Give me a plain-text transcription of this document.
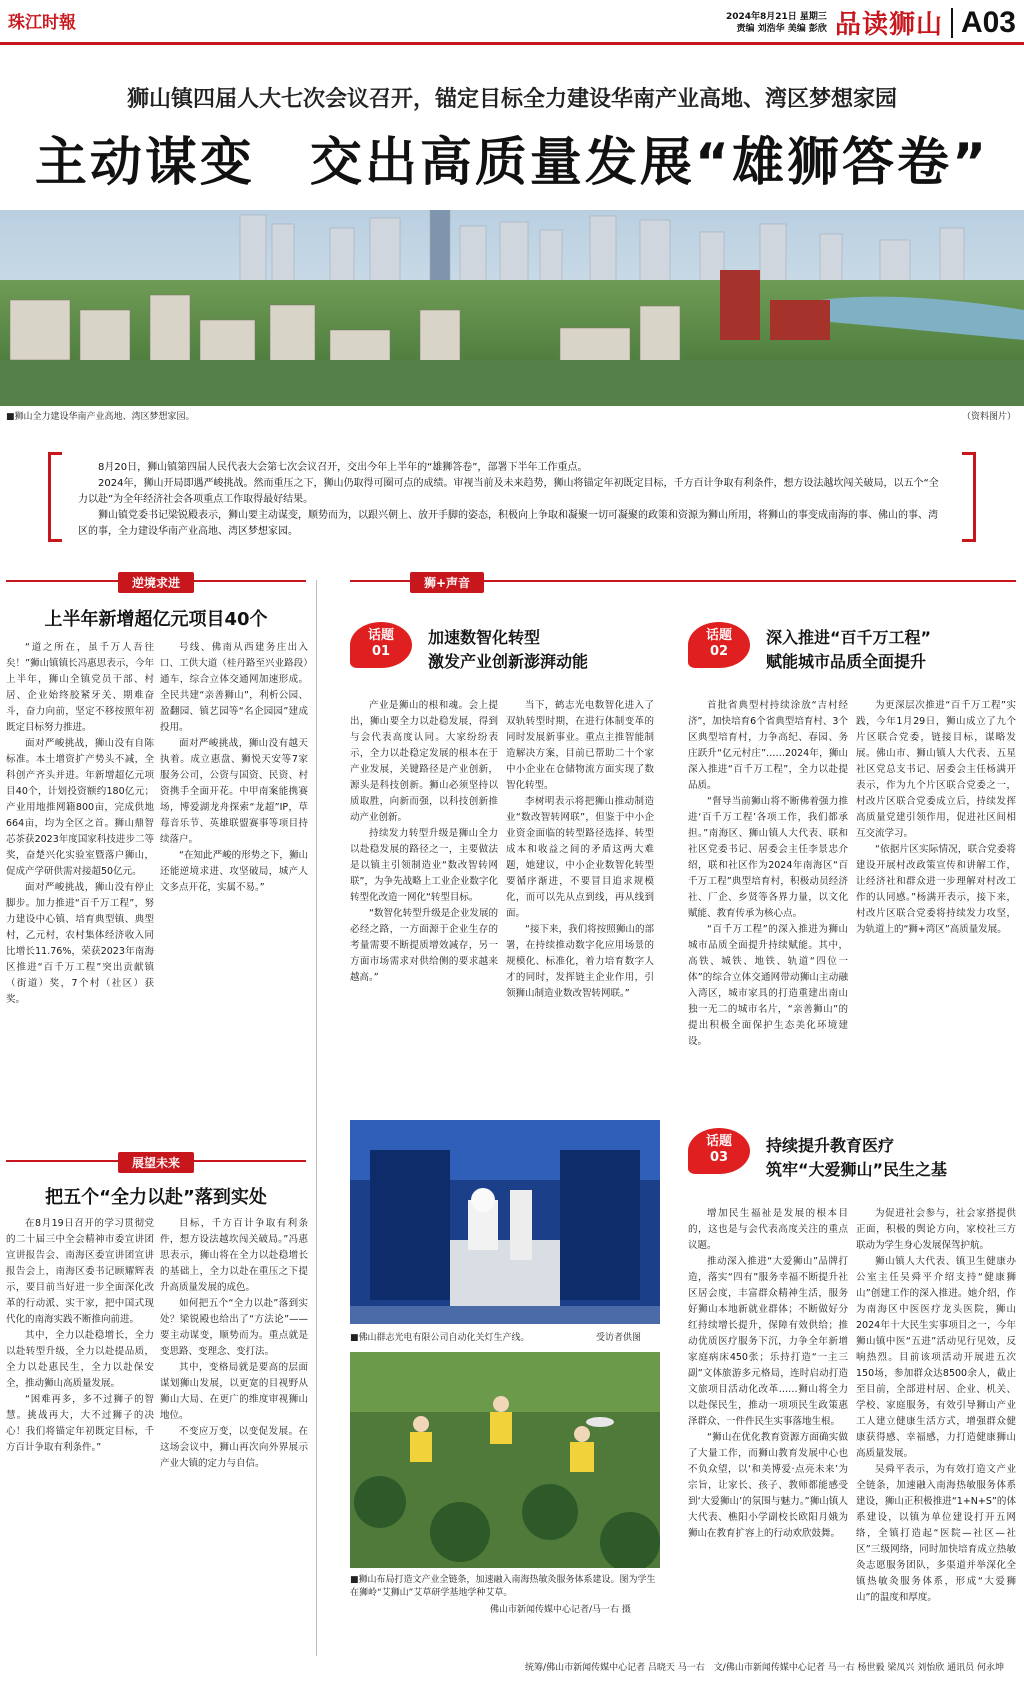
珠江时報	2024年8月21日 星期三
责编 刘浩华 美编 彭欣 品读狮山 A03
狮山镇四届人大七次会议召开，锚定目标全力建设华南产业高地、湾区梦想家园
主动谋变　交出高质量发展“雄狮答卷”
■狮山全力建设华南产业高地、湾区梦想家园。	（资料图片）

8月20日，狮山镇第四届人民代表大会第七次会议召开，交出今年上半年的“雄狮答卷”，部署下半年工作重点。

2024年，狮山开局即遇严峻挑战。然而重压之下，狮山仍取得可圈可点的成绩。审视当前及未来趋势，狮山将锚定年初既定目标，千方百计争取有利条件，想方设法越坎闯关破局，以五个“全力以赴”为全年经济社会各项重点工作取得最好结果。

狮山镇党委书记梁锐殿表示，狮山要主动谋变，顺势而为，以跟兴朝上、放开手脚的姿态，积极向上争取和凝聚一切可凝聚的政策和资源为狮山所用，将狮山的事变成南海的事、佛山的事、湾区的事，全力建设华南产业高地、湾区梦想家园。

逆境求进
上半年新增超亿元项目40个

“道之所在，虽千万人吾往矣！”狮山镇镇长冯惠思表示，今年上半年，狮山全镇党员干部、村居、企业始终胶紧牙关、期难奋斗，奋力向前，坚定不移按照年初既定目标努力推进。

面对严峻挑战，狮山没有自陈标准。本土增资扩产势头不减，全科创产齐头并进。年新增超亿元项目40个，计划投资额约180亿元；产业用地推网籍800亩，完成供地664亩，均为全区之首。狮山鼎智芯茶获2023年度国家科技进步二等奖，奋楚兴化实验室暨落户狮山，促成产学研供需对接超50亿元。

面对严峻挑战，狮山没有停止脚步。加力推进“百千万工程”，努力建设中心镇、培育典型镇、典型村，乙元村，农村集体经济收入同比增长11.76%，荣获2023年南海区推进“百千万工程”突出贡献镇（街道）奖，7个村（社区）获奖。

号线、佛南从西建务庄出入口、工供大道（桂丹路至兴业路段）通车，综合立体交通网加速形成。全民共建“亲善狮山”，利析公园、盈翻园、镇艺园等“名企园园”建成投用。

面对严峻挑战，狮山没有越天执着。成立惠盘、狮悦天安等7家服务公司，公资与国资、民资、村资携手全面开花。中甲南案能携赛场，博爱湖龙舟探索“龙超”IP，草莓音乐节、英雄联盟赛事等项目持续落户。

“在知此严峻的形势之下，狮山还能逆境求进、攻坚破局，城产人文多点开花，实属不易。”

展望未来
把五个“全力以赴”落到实处

在8月19日召开的学习贯彻党的二十届三中全会精神市委宣讲团宣讲报告会、南海区委宣讲团宣讲报告会上，南海区委书记顾耀辉表示，要目前当好进一步全面深化改革的行动派、实干家，把中国式现代化的南海实践不断推向前进。

其中，全力以赴稳增长，全力以赴转型升级，全力以赴提品质，全力以赴惠民生，全力以赴保安全，推动狮山高质量发展。

“困难再多，多不过狮子的智慧。挑战再大，大不过狮子的决心！我们将锚定年初既定目标，千方百计争取有利条件。”

目标，千方百计争取有利条件，想方设法越坎闯关破局。”冯惠思表示，狮山将在全力以赴稳增长的基础上，全力以赴在重压之下提升高质量发展的成色。

如何把五个“全力以赴”落到实处？梁锐殿也给出了“方法论”——要主动谋变，顺势而为。重点就是变思路、变理念、变打法。

其中，变格局就是要高的层面谋划狮山发展，以更宽的目视野从狮山大局、在更广的维度审视狮山地位。

不变应万变，以变促发展。在这场会议中，狮山再次向外界展示产业大镇的定力与自信。

狮+声音
话题
01
加速数智化转型
激发产业创新澎湃动能

产业是狮山的根和魂。会上提出，狮山要全力以赴稳发展，得到与会代表高度认同。大家纷纷表示，全力以赴稳定发展的根本在于产业发展，关键路径是产业创新，源头是科技创新。狮山必须坚持以质取胜，向新而强，以科技创新推动产业创新。

持续发力转型升级是狮山全力以赴稳发展的路径之一，主要做法是以镇主引领制造业“数改智转网联”，为争先战略上工业企业数字化转型化改造一网化“转型目标。

“数智化转型升级是企业发展的必经之路，一方面源于企业生存的考量需要不断提质增效减存，另一方面市场需求对供给侧的要求越来越高。”

当下，鹤志光电数智化进入了双轨转型时期，在进行体制变革的同时发展新事业。重点主推智能制造解决方案，目前已帮助二十个家中小企业在仓储物流方面实现了数智化转型。

李树明表示将把狮山推动制造业“数改智转网联”，但鉴于中小企业资金面临的转型路径选择、转型成本和收益之间的矛盾这两大难题，她建议，中小企业数智化转型要循序渐进，不要冒目追求规模化，而可以先从点到线，再从线到面。

“接下来，我们将按照狮山的部署，在持续推动数字化应用场景的规模化、标准化，着力培育数字人才的同时，发挥链主企业作用，引领狮山制造业数改智转网联。”

话题
02
深入推进“百千万工程”
赋能城市品质全面提升

首批省典型村持续涂放“吉村经济”，加快培育6个省典型培育村、3个区典型培育村，力争高纪、春园、务庄跃升“亿元村庄”……2024年，狮山深入推进“百千万工程”，全力以赴提品质。

“督导当前狮山将不断佛着强力推进‘百千万工程’各项工作，我们都承担。”南海区、狮山镇人大代表、联和社区党委书记、居委会主任李景忠介绍，联和社区作为2024年南海区“百千万工程”典型培育村，积极动员经济社、厂企、乡贤等各界力量，以文化赋能、教育传承为核心点。

“百千万工程”的深入推进为狮山城市品质全面提升持续赋能。其中，高铁、城铁、地铁、轨道“四位一体”的综合立体交通网带动狮山主动融入湾区，城市家具的打造重建出南山独一无二的城市名片，“亲善狮山”的提出积极全面保护生态美化环境建设。

为更深层次推进“百千万工程”实践，今年1月29日，狮山成立了九个片区联合党委，链接目标，谋略发展。佛山市、狮山镇人大代表、五星社区党总支书记、居委会主任杨满开表示，作为九个片区联合党委之一，村改片区联合党委成立后，持续发挥高质量党建引领作用，促进社区间相互交流学习。

“依据片区实际情况，联合党委将建设开展村改政策宣传和讲解工作，让经济社和群众进一步理解对村改工作的认同感。”杨满开表示，接下来，村改片区联合党委将持续发力攻坚，为轨道上的“狮+湾区”高质量发展。

■佛山群志光电有限公司自动化关灯生产线。	受访者供图
■狮山布局打造文产业全链条，加速融入南海热敏灸服务体系建设。图为学生在狮岭“艾狮山”艾草研学基地学种艾草。
佛山市新闻传媒中心记者/马一右 摄
话题
03
持续提升教育医疗
筑牢“大爱狮山”民生之基

增加民生福祉是发展的根本目的，这也是与会代表高度关注的重点议题。

推动深入推进“大爱狮山”品牌打造，落实“四有”服务幸福不断提升社区居会度，丰富群众精神生活，服务好狮山本地新就业群体；不断做好分红持续增长提升，保障有效供给；推动优质医疗服务下沉，力争全年新增家庭病床450张；乐持打造“一主三副”文体旅游多元格局，连时启动打造文旅项目活动化改革……狮山将全力以赴保民生，推动一项项民生政策惠泽群众、一件件民生实事落地生根。

“狮山在优化教育资源方面确实做了大量工作，而狮山教育发展中心也不负众望，以‘和美博爱·点亮未来’为宗旨，让家长、孩子、教师都能感受到‘大爱狮山’的氛围与魅力。”狮山镇人大代表、樵阳小学副校长欧阳月娥为狮山在教育扩容上的行动欢欣鼓舞。

为促进社会参与，社会家搭提供正面，积极的舆论方向，家校社三方联动为学生身心发展保驾护航。

狮山镇人大代表、镇卫生健康办公室主任吴舜平介绍支持“健康狮山”创建工作的深入推进。她介绍，作为南海区中医医疗龙头医院，狮山2024年十大民生实事项目之一，今年狮山镇中医“五进”活动见行见效，反响热烈。目前该项活动开展进五次150场，参加群众达8500余人，截止至目前，全部进村居、企业、机关、学校、家庭服务，有效引导狮山产业工人建立健康生活方式，增强群众健康获得感、幸福感，力打造健康狮山高质量发展。

吴舜平表示，为有效打造文产业全链条，加速融入南海热敏服务体系建设，狮山正积极推进“1+N+S”的体系建设，以镇为单位建设打开五网络，全镇打造起“医院—社区—社区”三级网络，同时加快培育成立热敏灸志愿服务团队，多渠道并举深化全镇热敏灸服务体系，形成“大爱狮山”的温度和厚度。

统筹/佛山市新闻传媒中心记者 吕晓天 马一右　文/佛山市新闻传媒中心记者 马一右 杨世毅 梁凤兴 刘怡欣 通讯员 何永坤
